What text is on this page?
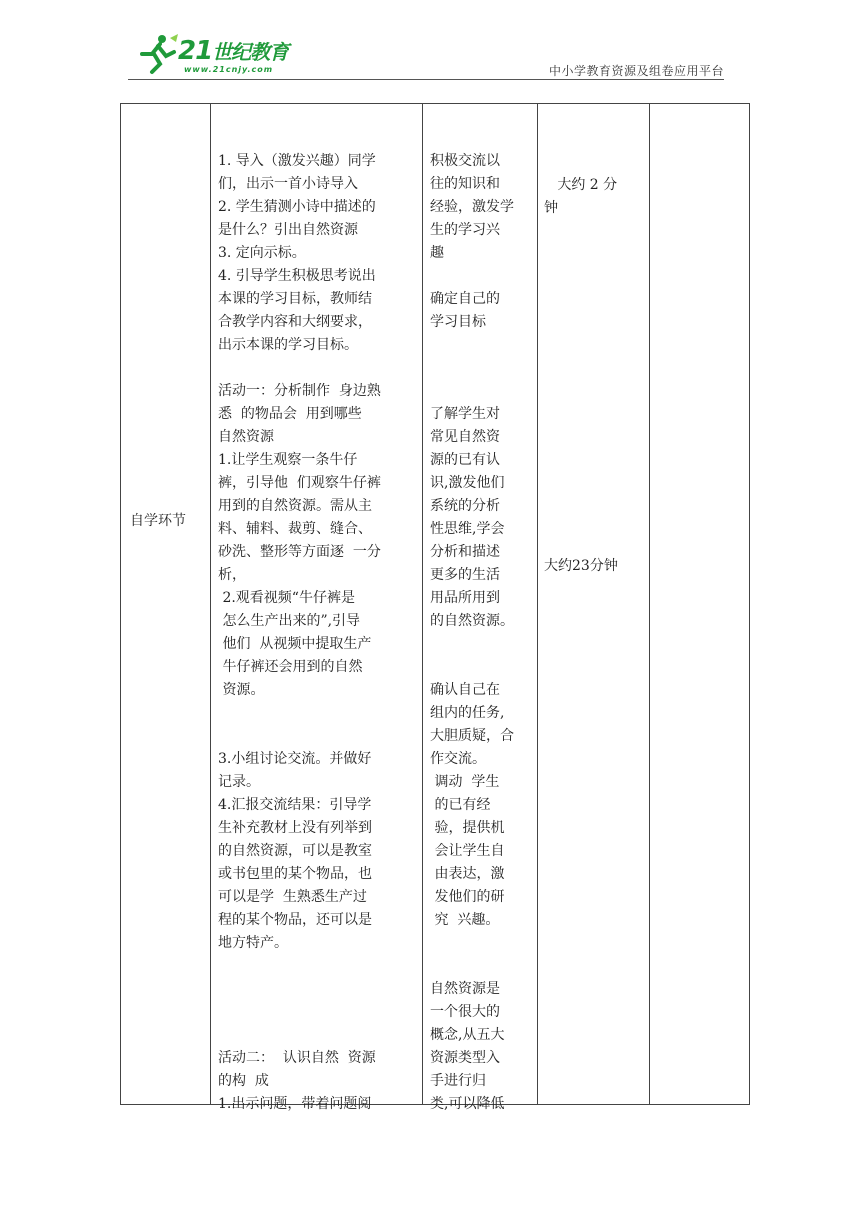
21世纪教育
www.21cnjy.com	中小学教育资源及组卷应用平台
自学环节

1. 导入（激发兴趣）同学

们，出示一首小诗导入

2. 学生猜测小诗中描述的

是什么？引出自然资源

3. 定向示标。

4. 引导学生积极思考说出

本课的学习目标，教师结

合教学内容和大纲要求，

出示本课的学习目标。

活动一：分析制作  身边熟

悉  的物品会  用到哪些

自然资源

1.让学生观察一条牛仔

裤，引导他  们观察牛仔裤

用到的自然资源。需从主

料、辅料、裁剪、缝合、

砂洗、整形等方面逐  一分

析，

2.观看视频“牛仔裤是

怎么生产出来的”,引导

他们  从视频中提取生产

牛仔裤还会用到的自然

资源。

3.小组讨论交流。并做好

记录。

4.汇报交流结果：引导学

生补充教材上没有列举到

的自然资源，可以是教室

或书包里的某个物品，也

可以是学  生熟悉生产过

程的某个物品，还可以是

地方特产。

活动二：  认识自然  资源

的构  成

1.出示问题，带着问题阅

积极交流以

往的知识和

经验，激发学

生的学习兴

趣

确定自己的

学习目标

了解学生对

常见自然资

源的已有认

识,激发他们

系统的分析

性思维,学会

分析和描述

更多的生活

用品所用到

的自然资源。

确认自己在

组内的任务,

大胆质疑，合

作交流。

调动  学生

的已有经

验，提供机

会让学生自

由表达，激

发他们的研

究  兴趣。

自然资源是

一个很大的

概念,从五大

资源类型入

手进行归

类,可以降低

大约 2 分

钟

大约23分钟
